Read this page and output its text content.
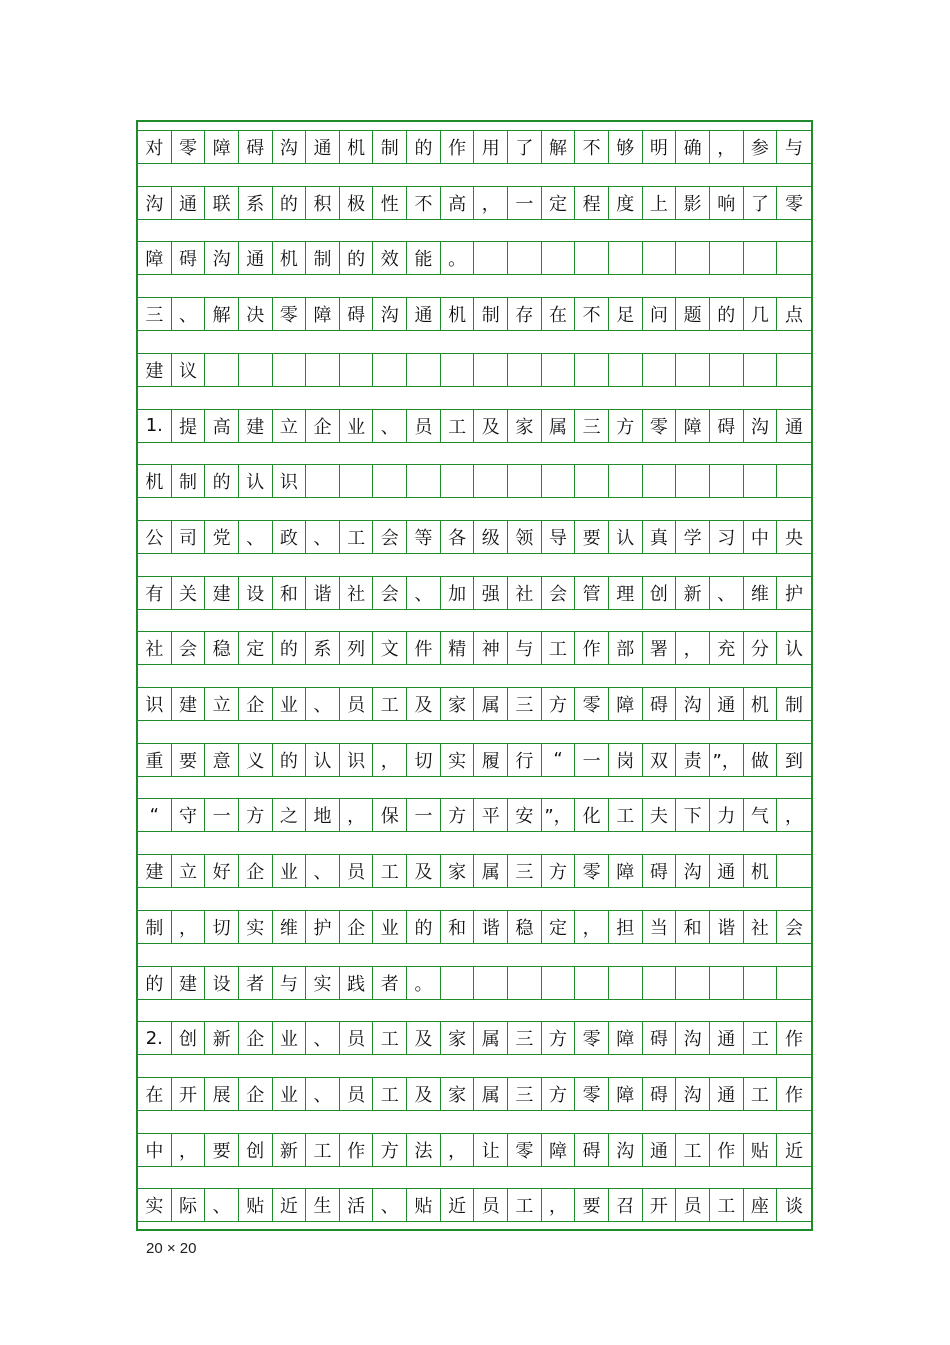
对 零 障 碍 沟 通 机 制 的 作 用 了 解 不 够 明 确 ， 参 与
沟 通 联 系 的 积 极 性 不 高 ， 一 定 程 度 上 影 响 了 零
障 碍 沟 通 机 制 的 效 能 。
三 、 解 决 零 障 碍 沟 通 机 制 存 在 不 足 问 题 的 几 点
建 议
1. 提 高 建 立 企 业 、 员 工 及 家 属 三 方 零 障 碍 沟 通
机 制 的 认 识
公 司 党 、 政 、 工 会 等 各 级 领 导 要 认 真 学 习 中 央
有 关 建 设 和 谐 社 会 、 加 强 社 会 管 理 创 新 、 维 护
社 会 稳 定 的 系 列 文 件 精 神 与 工 作 部 署 ， 充 分 认
识 建 立 企 业 、 员 工 及 家 属 三 方 零 障 碍 沟 通 机 制
重 要 意 义 的 认 识 ， 切 实 履 行	“	一 岗 双 责 ”， 做 到
“	守 一 方 之 地 ， 保 一 方 平 安 ”， 化 工 夫 下 力 气 ，
建 立 好 企 业 、 员 工 及 家 属 三 方 零 障 碍 沟 通 机
制 ， 切 实 维 护 企 业 的 和 谐 稳 定 ， 担 当 和 谐 社 会
的 建 设 者 与 实 践 者 。
2. 创 新 企 业 、 员 工 及 家 属 三 方 零 障 碍 沟 通 工 作
在 开 展 企 业 、 员 工 及 家 属 三 方 零 障 碍 沟 通 工 作
中 ， 要 创 新 工 作 方 法 ， 让 零 障 碍 沟 通 工 作 贴 近
实 际 、 贴 近 生 活 、 贴 近 员 工 ， 要 召 开 员 工 座 谈
20 × 20
